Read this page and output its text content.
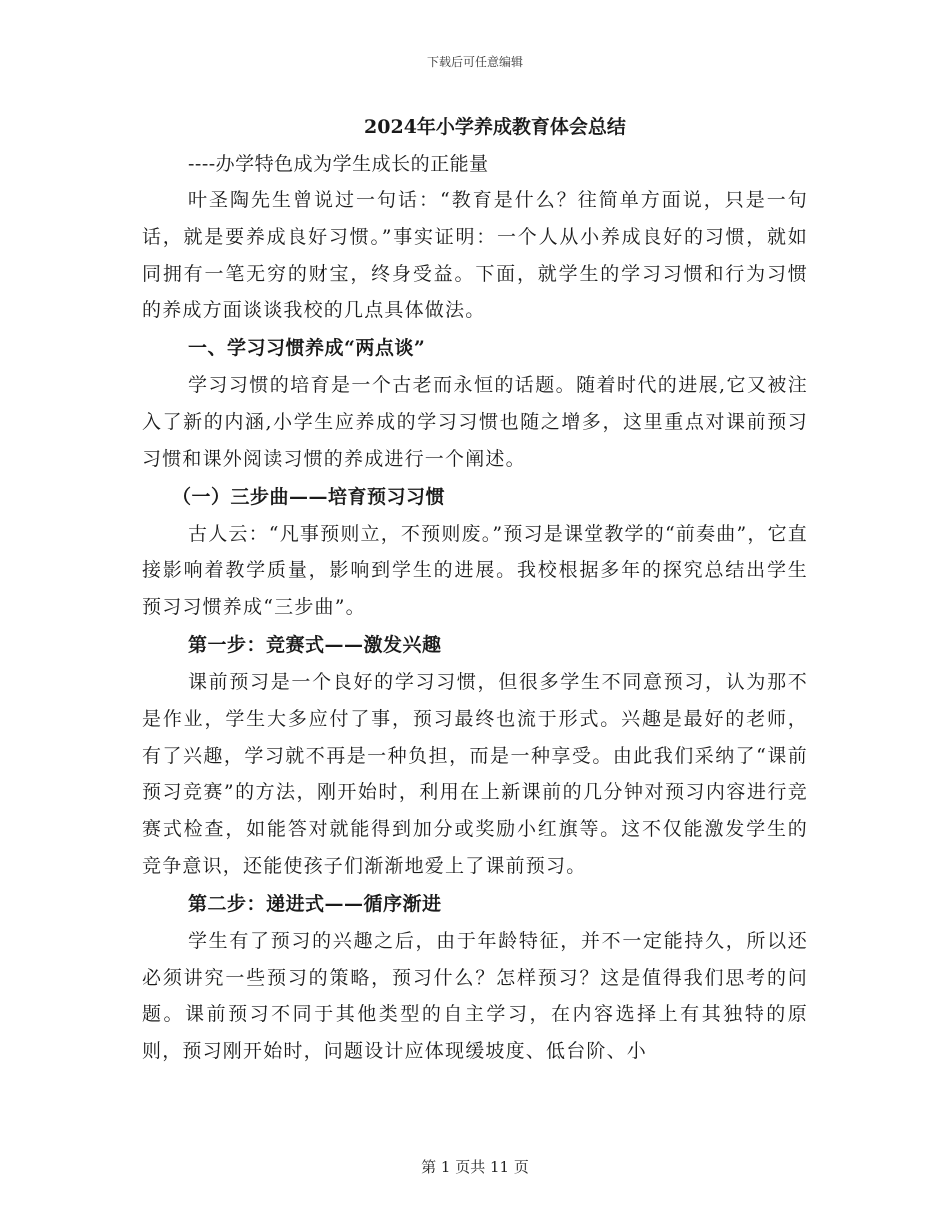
下载后可任意编辑

2024年小学养成教育体会总结

----办学特色成为学生成长的正能量

叶圣陶先生曾说过一句话：“教育是什么？往简单方面说，只是一句话，就是要养成良好习惯。”事实证明：一个人从小养成良好的习惯，就如同拥有一笔无穷的财宝，终身受益。下面，就学生的学习习惯和行为习惯的养成方面谈谈我校的几点具体做法。

一、学习习惯养成“两点谈”

学习习惯的培育是一个古老而永恒的话题。随着时代的进展,它又被注入了新的内涵,小学生应养成的学习习惯也随之增多，这里重点对课前预习习惯和课外阅读习惯的养成进行一个阐述。

（一）三步曲——培育预习习惯

古人云：“凡事预则立，不预则废。”预习是课堂教学的“前奏曲”，它直接影响着教学质量，影响到学生的进展。我校根据多年的探究总结出学生预习习惯养成“三步曲”。

第一步：竞赛式——激发兴趣

课前预习是一个良好的学习习惯，但很多学生不同意预习，认为那不是作业，学生大多应付了事，预习最终也流于形式。兴趣是最好的老师，有了兴趣，学习就不再是一种负担，而是一种享受。由此我们采纳了“课前预习竞赛”的方法，刚开始时，利用在上新课前的几分钟对预习内容进行竞赛式检查，如能答对就能得到加分或奖励小红旗等。这不仅能激发学生的竞争意识，还能使孩子们渐渐地爱上了课前预习。

第二步：递进式——循序渐进

学生有了预习的兴趣之后，由于年龄特征，并不一定能持久，所以还必须讲究一些预习的策略，预习什么？怎样预习？这是值得我们思考的问题。课前预习不同于其他类型的自主学习，在内容选择上有其独特的原则，预习刚开始时，问题设计应体现缓坡度、低台阶、小

第 1 页共 11 页
